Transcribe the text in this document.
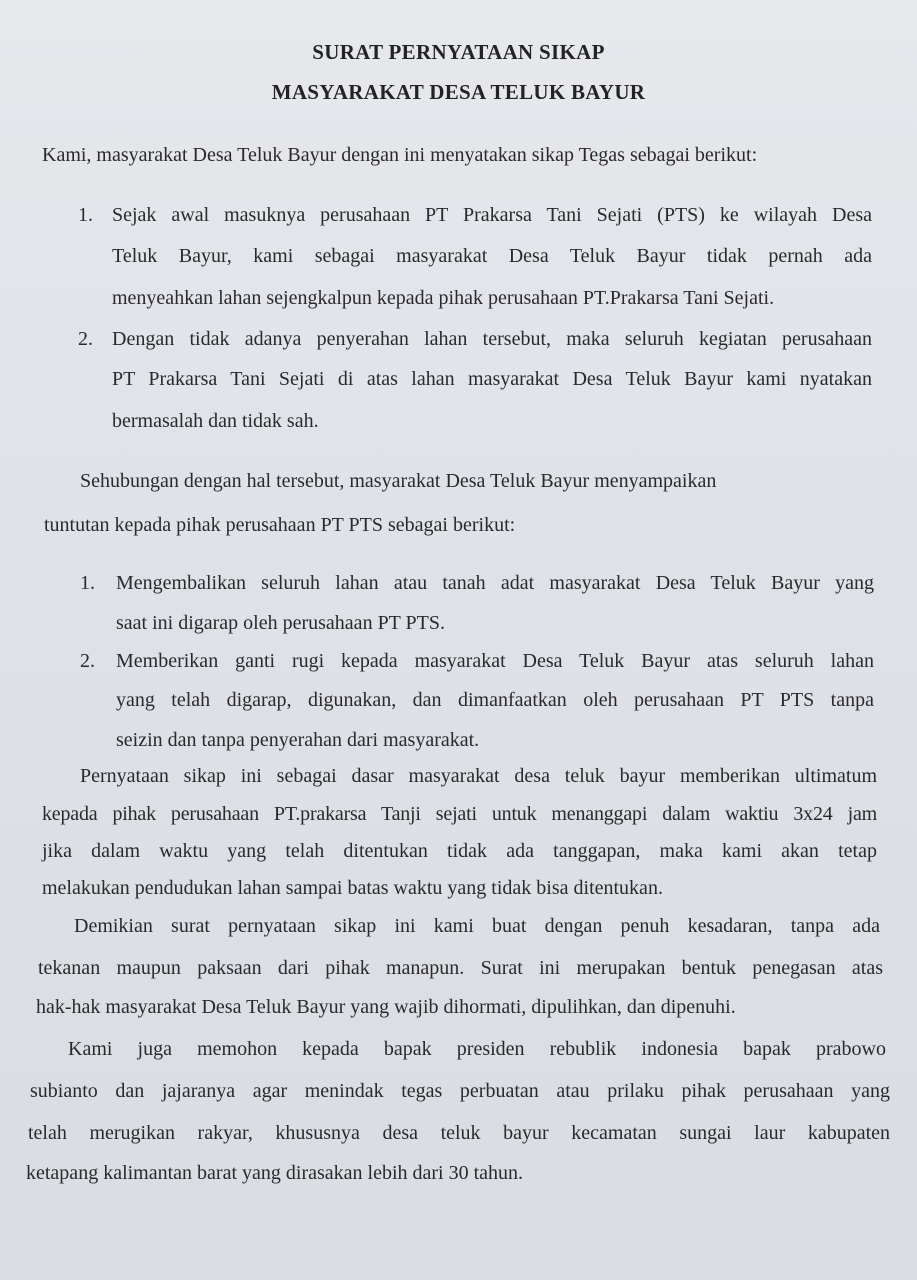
SURAT PERNYATAAN SIKAP
MASYARAKAT DESA TELUK BAYUR
Kami, masyarakat Desa Teluk Bayur dengan ini menyatakan sikap Tegas sebagai berikut:
1. Sejak awal masuknya perusahaan PT Prakarsa Tani Sejati (PTS) ke wilayah Desa
Teluk Bayur, kami sebagai masyarakat Desa Teluk Bayur tidak pernah ada
menyeahkan lahan sejengkalpun kepada pihak perusahaan PT.Prakarsa Tani Sejati.
2. Dengan tidak adanya penyerahan lahan tersebut, maka seluruh kegiatan perusahaan
PT Prakarsa Tani Sejati di atas lahan masyarakat Desa Teluk Bayur kami nyatakan
bermasalah dan tidak sah.
Sehubungan dengan hal tersebut, masyarakat Desa Teluk Bayur menyampaikan
tuntutan kepada pihak perusahaan PT PTS sebagai berikut:
1. Mengembalikan seluruh lahan atau tanah adat masyarakat Desa Teluk Bayur yang
saat ini digarap oleh perusahaan PT PTS.
2. Memberikan ganti rugi kepada masyarakat Desa Teluk Bayur atas seluruh lahan
yang telah digarap, digunakan, dan dimanfaatkan oleh perusahaan PT PTS tanpa
seizin dan tanpa penyerahan dari masyarakat.
Pernyataan sikap ini sebagai dasar masyarakat desa teluk bayur memberikan ultimatum
kepada pihak perusahaan PT.prakarsa Tanji sejati untuk menanggapi dalam waktiu 3x24 jam
jika dalam waktu yang telah ditentukan tidak ada tanggapan, maka kami akan tetap
melakukan pendudukan lahan sampai batas waktu yang tidak bisa ditentukan.
Demikian surat pernyataan sikap ini kami buat dengan penuh kesadaran, tanpa ada
tekanan maupun paksaan dari pihak manapun. Surat ini merupakan bentuk penegasan atas
hak-hak masyarakat Desa Teluk Bayur yang wajib dihormati, dipulihkan, dan dipenuhi.
Kami juga memohon kepada bapak presiden rebublik indonesia bapak prabowo
subianto dan jajaranya agar menindak tegas perbuatan atau prilaku pihak perusahaan yang
telah merugikan rakyar, khususnya desa teluk bayur kecamatan sungai laur kabupaten
ketapang kalimantan barat yang dirasakan lebih dari 30 tahun.
